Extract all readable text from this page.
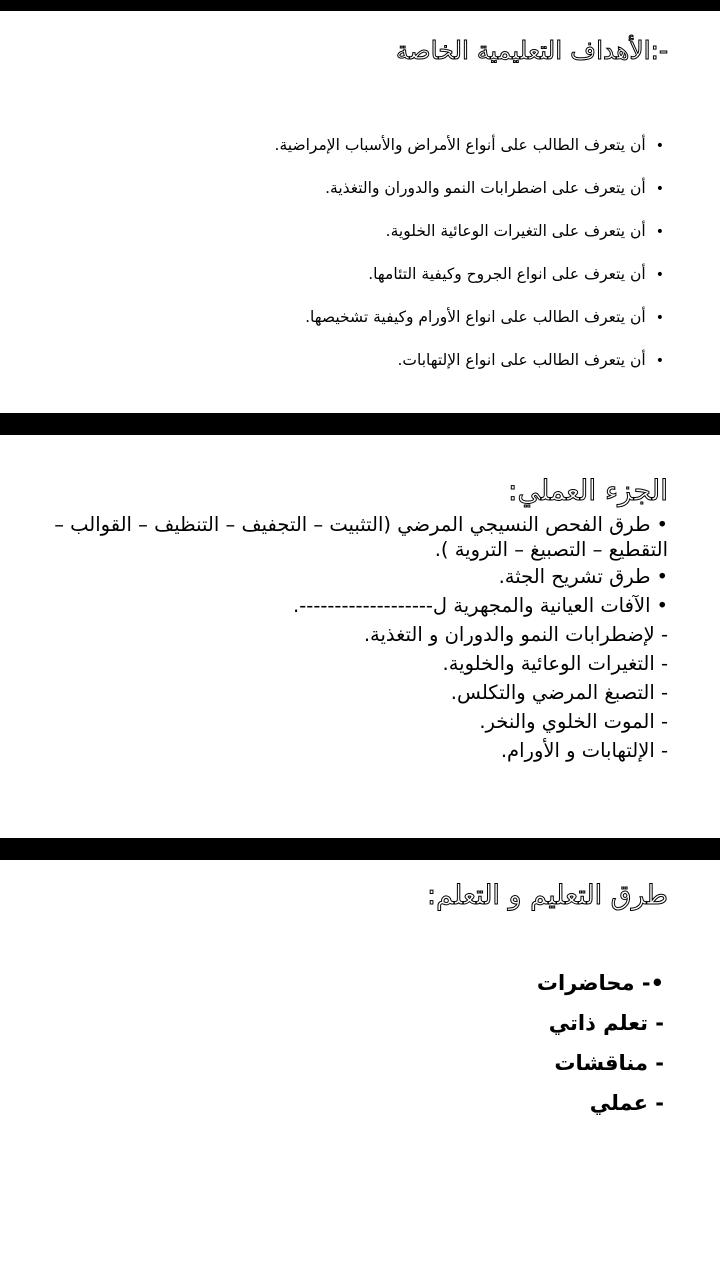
-:الأهداف التعليمية الخاصة
• أن يتعرف الطالب على أنواع الأمراض والأسباب الإمراضية.
• أن يتعرف على اضطرابات النمو والدوران والتغذية.
• أن يتعرف على التغيرات الوعائية الخلوية.
• أن يتعرف على انواع الجروح وكيفية التئامها.
• أن يتعرف الطالب على انواع الأورام وكيفية تشخيصها.
• أن يتعرف الطالب على انواع الإلتهابات.
الجزء العملي:
• طرق الفحص النسيجي المرضي (التثبيت – التجفيف – التنظيف – القوالب – التقطيع – التصبيغ – التروية ).
• طرق تشريح الجثة.
• الآفات العيانية والمجهرية ل-------------------.
- لإضطرابات النمو والدوران و التغذية.
- التغيرات الوعائية والخلوية.
- التصبغ المرضي والتكلس.
- الموت الخلوي والنخر.
- الإلتهابات و الأورام.
طرق التعليم و التعلم:
•- محاضرات
- تعلم ذاتي
- مناقشات
- عملي
